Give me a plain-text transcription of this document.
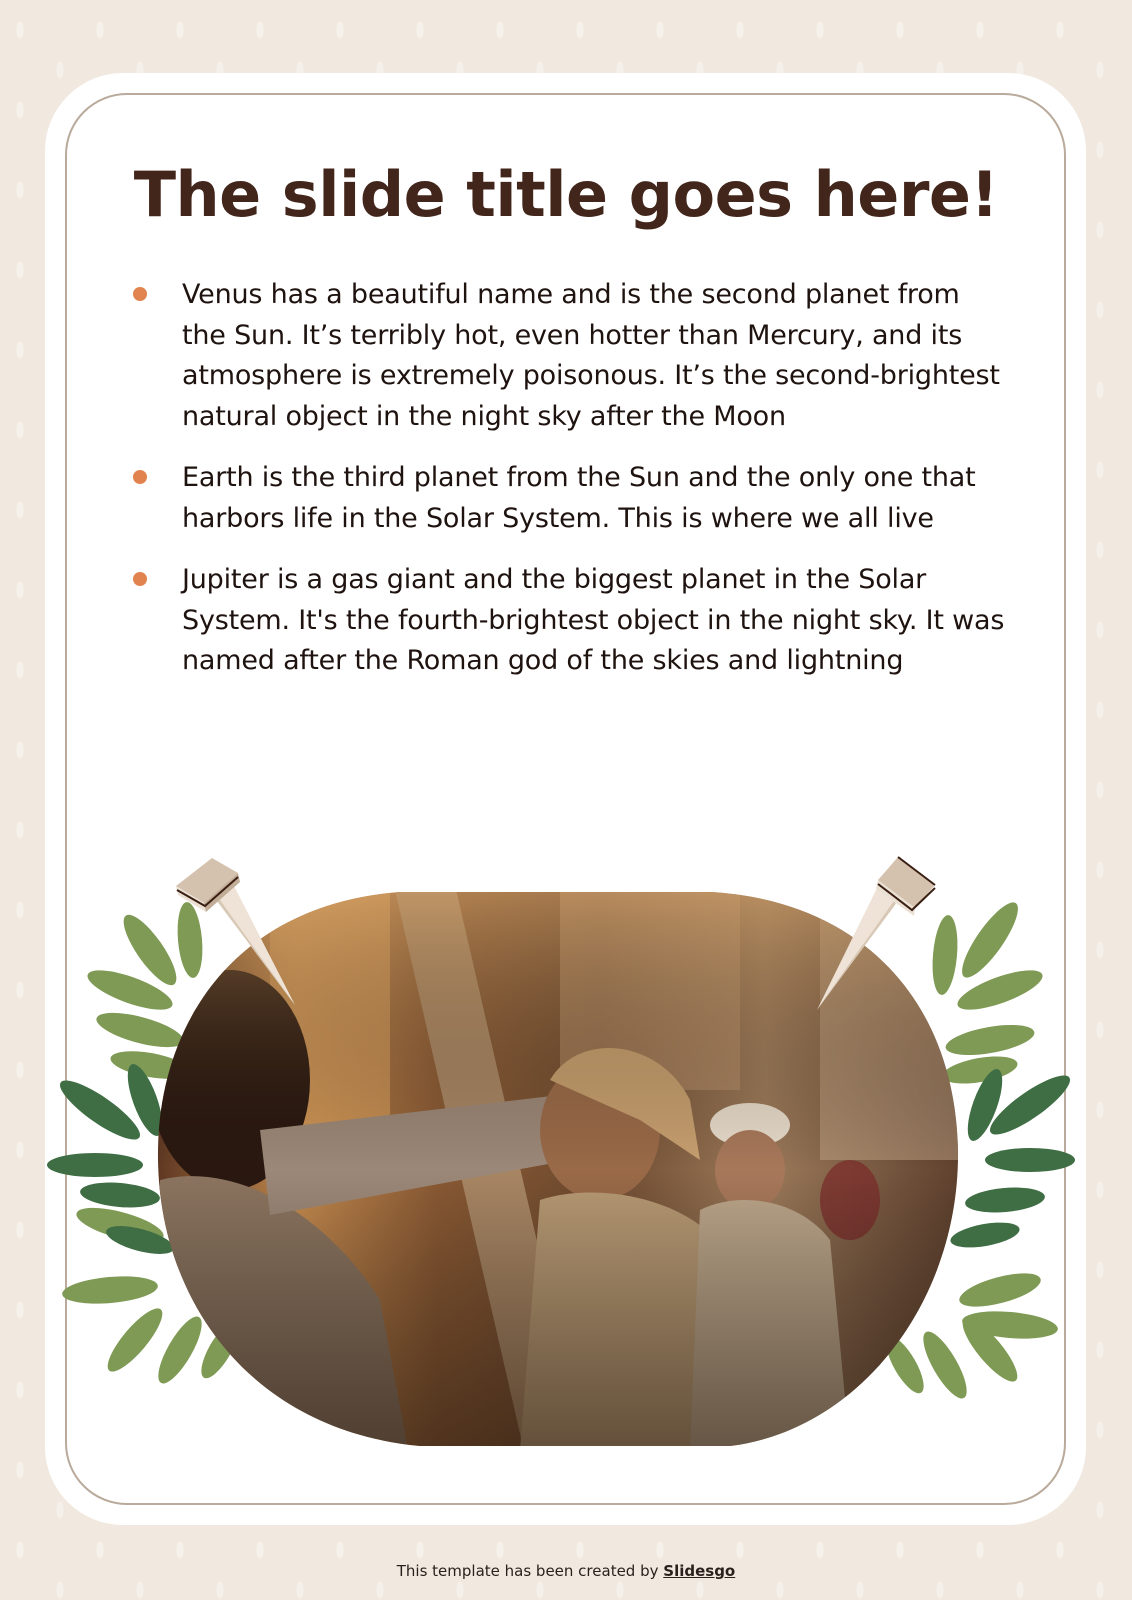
The slide title goes here!
Venus has a beautiful name and is the second planet from the Sun. It’s terribly hot, even hotter than Mercury, and its atmosphere is extremely poisonous. It’s the second-brightest natural object in the night sky after the Moon
Earth is the third planet from the Sun and the only one that harbors life in the Solar System. This is where we all live
Jupiter is a gas giant and the biggest planet in the Solar System. It's the fourth-brightest object in the night sky. It was named after the Roman god of the skies and lightning
This template has been created by Slidesgo
